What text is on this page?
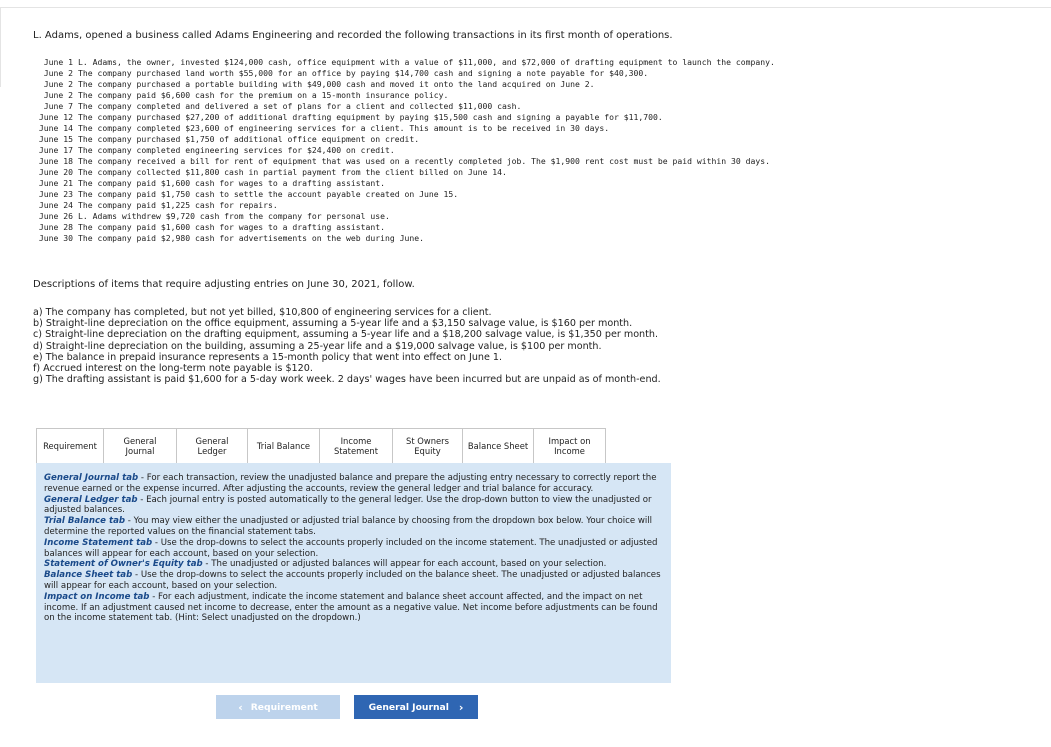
L. Adams, opened a business called Adams Engineering and recorded the following transactions in its first month of operations.
June 1 L. Adams, the owner, invested $124,000 cash, office equipment with a value of $11,000, and $72,000 of drafting equipment to launch the company.
June 2 The company purchased land worth $55,000 for an office by paying $14,700 cash and signing a note payable for $40,300.
June 2 The company purchased a portable building with $49,000 cash and moved it onto the land acquired on June 2.
June 2 The company paid $6,600 cash for the premium on a 15-month insurance policy.
June 7 The company completed and delivered a set of plans for a client and collected $11,000 cash.
June 12 The company purchased $27,200 of additional drafting equipment by paying $15,500 cash and signing a payable for $11,700.
June 14 The company completed $23,600 of engineering services for a client. This amount is to be received in 30 days.
June 15 The company purchased $1,750 of additional office equipment on credit.
June 17 The company completed engineering services for $24,400 on credit.
June 18 The company received a bill for rent of equipment that was used on a recently completed job. The $1,900 rent cost must be paid within 30 days.
June 20 The company collected $11,800 cash in partial payment from the client billed on June 14.
June 21 The company paid $1,600 cash for wages to a drafting assistant.
June 23 The company paid $1,750 cash to settle the account payable created on June 15.
June 24 The company paid $1,225 cash for repairs.
June 26 L. Adams withdrew $9,720 cash from the company for personal use.
June 28 The company paid $1,600 cash for wages to a drafting assistant.
June 30 The company paid $2,980 cash for advertisements on the web during June.
Descriptions of items that require adjusting entries on June 30, 2021, follow.
a) The company has completed, but not yet billed, $10,800 of engineering services for a client.
b) Straight-line depreciation on the office equipment, assuming a 5-year life and a $3,150 salvage value, is $160 per month.
c) Straight-line depreciation on the drafting equipment, assuming a 5-year life and a $18,200 salvage value, is $1,350 per month.
d) Straight-line depreciation on the building, assuming a 25-year life and a $19,000 salvage value, is $100 per month.
e) The balance in prepaid insurance represents a 15-month policy that went into effect on June 1.
f) Accrued interest on the long-term note payable is $120.
g) The drafting assistant is paid $1,600 for a 5-day work week. 2 days' wages have been incurred but are unpaid as of month-end.
Requirement	General
Journal
General
Ledger	Trial Balance	Income
Statement
St Owners
Equity	Balance Sheet Impact on
Income

General Journal tab - For each transaction, review the unadjusted balance and prepare the adjusting entry necessary to correctly report the revenue earned or the expense incurred. After adjusting the accounts, review the general ledger and trial balance for accuracy.

General Ledger tab - Each journal entry is posted automatically to the general ledger. Use the drop-down button to view the unadjusted or adjusted balances.

Trial Balance tab - You may view either the unadjusted or adjusted trial balance by choosing from the dropdown box below. Your choice will determine the reported values on the financial statement tabs.

Income Statement tab - Use the drop-downs to select the accounts properly included on the income statement. The unadjusted or adjusted balances will appear for each account, based on your selection.

Statement of Owner's Equity tab - The unadjusted or adjusted balances will appear for each account, based on your selection.

Balance Sheet tab - Use the drop-downs to select the accounts properly included on the balance sheet. The unadjusted or adjusted balances will appear for each account, based on your selection.

Impact on Income tab - For each adjustment, indicate the income statement and balance sheet account affected, and the impact on net income. If an adjustment caused net income to decrease, enter the amount as a negative value. Net income before adjustments can be found on the income statement tab. (Hint: Select unadjusted on the dropdown.)

‹ Requirement	General Journal ›
